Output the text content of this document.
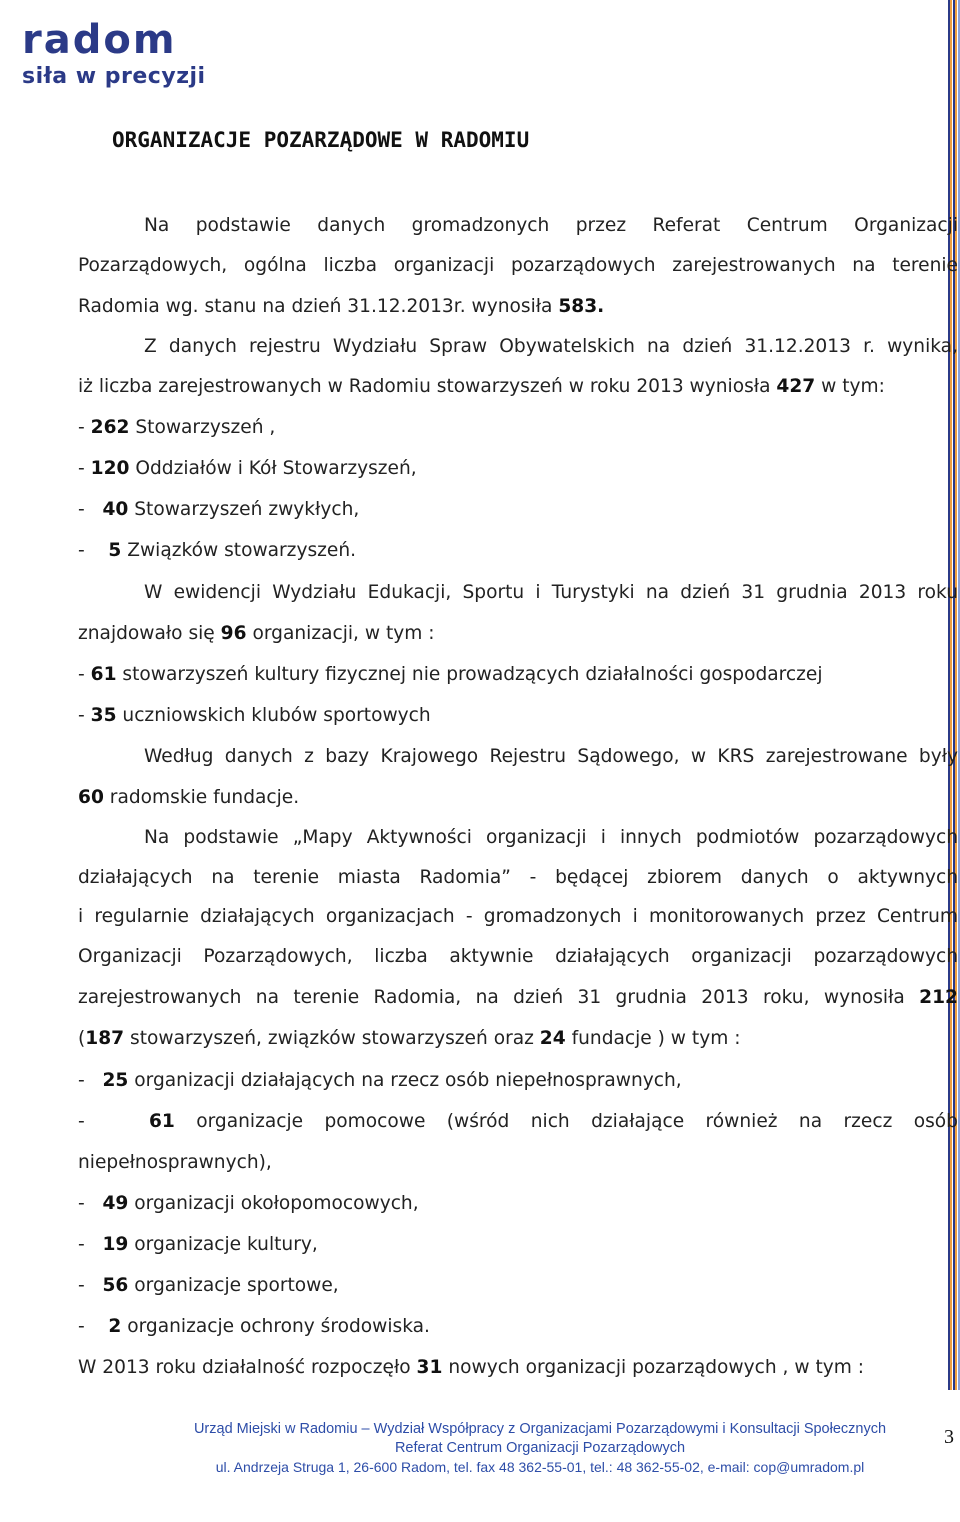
radom
siła w precyzji
ORGANIZACJE POZARZĄDOWE W RADOMIU
Na podstawie danych gromadzonych przez Referat Centrum Organizacji
Pozarządowych, ogólna liczba organizacji pozarządowych zarejestrowanych na terenie
Radomia wg. stanu na dzień 31.12.2013r. wynosiła 583.
Z danych rejestru Wydziału Spraw Obywatelskich na dzień 31.12.2013 r. wynika,
iż liczba zarejestrowanych w Radomiu stowarzyszeń w roku 2013 wyniosła 427 w tym:
- 262 Stowarzyszeń ,
- 120 Oddziałów i Kół Stowarzyszeń,
-   40 Stowarzyszeń zwykłych,
-    5 Związków stowarzyszeń.
W ewidencji Wydziału Edukacji, Sportu i Turystyki na dzień 31 grudnia 2013 roku
znajdowało się 96 organizacji, w tym :
- 61 stowarzyszeń kultury fizycznej nie prowadzących działalności gospodarczej
- 35 uczniowskich klubów sportowych
Według danych z bazy Krajowego Rejestru Sądowego, w KRS zarejestrowane były
60 radomskie fundacje.
Na podstawie „Mapy Aktywności organizacji i innych podmiotów pozarządowych
działających na terenie miasta Radomia” - będącej zbiorem danych o aktywnych
i regularnie działających organizacjach - gromadzonych i monitorowanych przez Centrum
Organizacji Pozarządowych, liczba aktywnie działających organizacji pozarządowych
zarejestrowanych na terenie Radomia, na dzień 31 grudnia 2013 roku, wynosiła 212
(187 stowarzyszeń, związków stowarzyszeń oraz 24 fundacje ) w tym :
-   25 organizacji działających na rzecz osób niepełnosprawnych,
-   61 organizacje pomocowe (wśród nich działające również na rzecz osób
niepełnosprawnych),
-   49 organizacji okołopomocowych,
-   19 organizacje kultury,
-   56 organizacje sportowe,
-    2 organizacje ochrony środowiska.
W 2013 roku działalność rozpoczęło 31 nowych organizacji pozarządowych , w tym :
Urząd Miejski w Radomiu – Wydział Współpracy z Organizacjami Pozarządowymi i Konsultacji Społecznych
Referat Centrum Organizacji Pozarządowych
ul. Andrzeja Struga 1, 26-600 Radom, tel. fax 48 362-55-01, tel.: 48 362-55-02, e-mail: cop@umradom.pl
3
